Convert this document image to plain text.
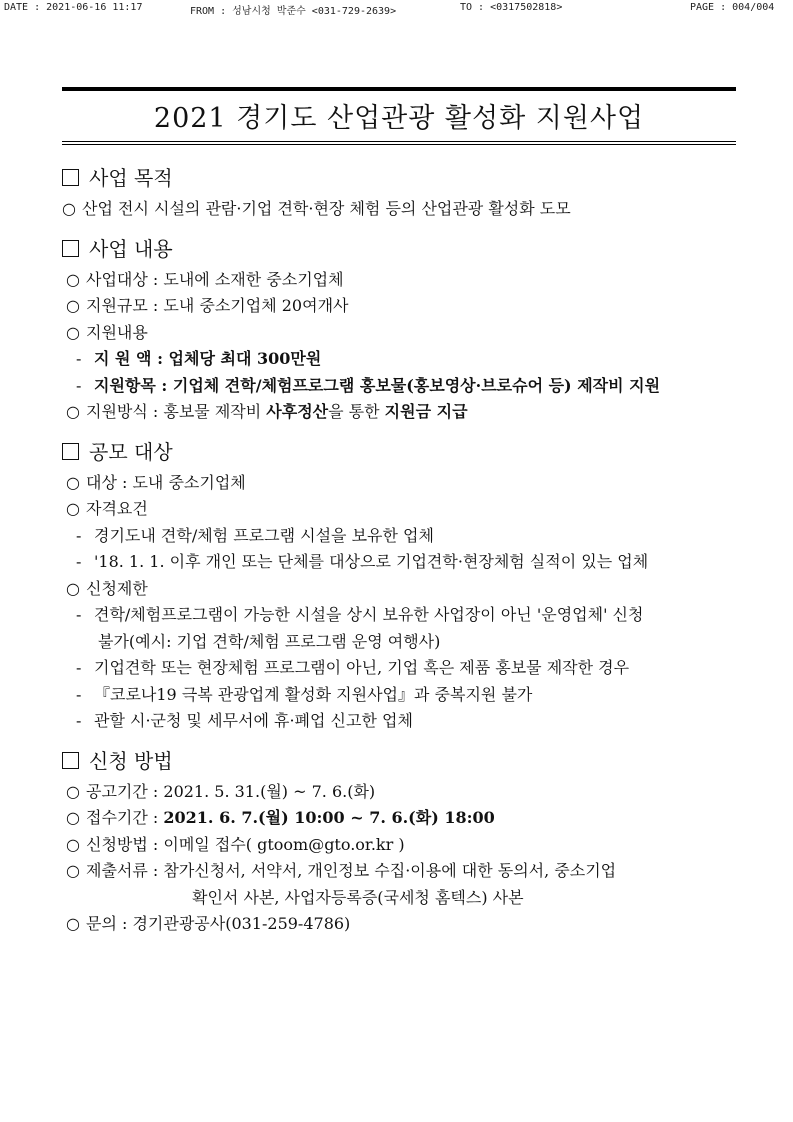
DATE : 2021-06-16 11:17	FROM : 성남시청 박준수 <031-729-2639>	TO : <0317502818>	PAGE : 004/004
2021 경기도 산업관광 활성화 지원사업
사업 목적
○ 산업 전시 시설의 관람·기업 견학·현장 체험 등의 산업관광 활성화 도모
사업 내용
○ 사업대상 : 도내에 소재한 중소기업체
○ 지원규모 : 도내 중소기업체 20여개사
○ 지원내용
- 지 원 액 : 업체당 최대 300만원
- 지원항목 : 기업체 견학/체험프로그램 홍보물(홍보영상·브로슈어 등) 제작비 지원
○ 지원방식 : 홍보물 제작비 사후정산을 통한 지원금 지급
공모 대상
○ 대상 : 도내 중소기업체
○ 자격요건
- 경기도내 견학/체험 프로그램 시설을 보유한 업체
- '18. 1. 1. 이후 개인 또는 단체를 대상으로 기업견학·현장체험 실적이 있는 업체
○ 신청제한
- 견학/체험프로그램이 가능한 시설을 상시 보유한 사업장이 아닌 '운영업체' 신청
불가(예시: 기업 견학/체험 프로그램 운영 여행사)
- 기업견학 또는 현장체험 프로그램이 아닌, 기업 혹은 제품 홍보물 제작한 경우
- 『코로나19 극복 관광업계 활성화 지원사업』과 중복지원 불가
- 관할 시·군청 및 세무서에 휴·폐업 신고한 업체
신청 방법
○ 공고기간 : 2021. 5. 31.(월) ~ 7. 6.(화)
○ 접수기간 : 2021. 6. 7.(월) 10:00 ~ 7. 6.(화) 18:00
○ 신청방법 : 이메일 접수( gtoom@gto.or.kr )
○ 제출서류 : 참가신청서, 서약서, 개인정보 수집·이용에 대한 동의서, 중소기업
확인서 사본, 사업자등록증(국세청 홈텍스) 사본
○ 문의 : 경기관광공사(031-259-4786)
